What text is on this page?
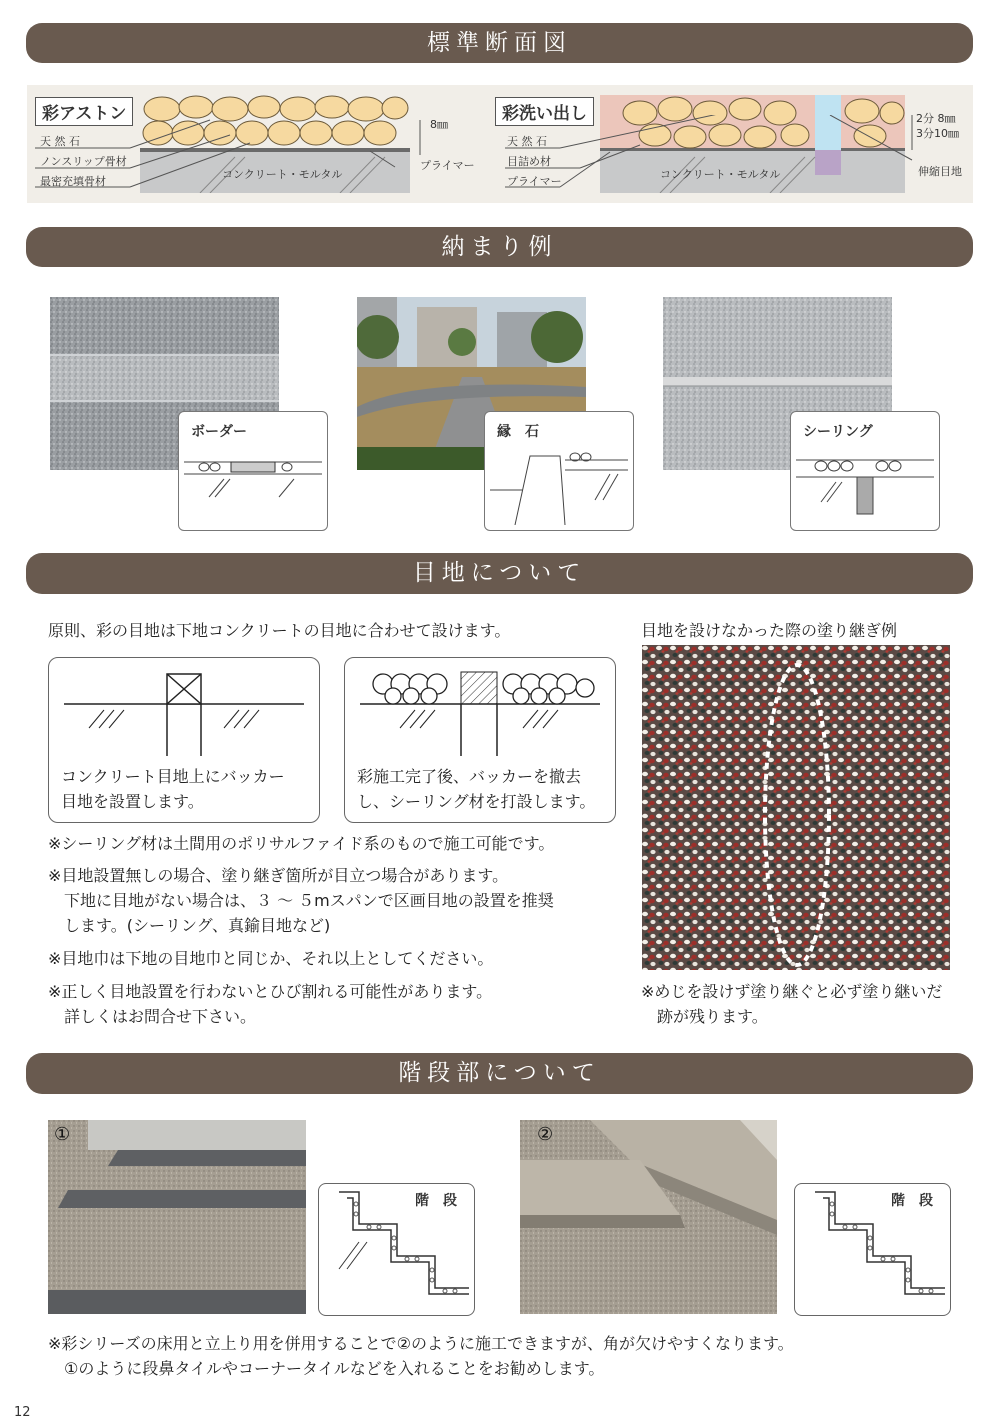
標準断面図
納まり例
目地について
階段部について
彩アストン
天 然 石
ノンスリップ骨材
最密充填骨材
8㎜
コンクリート・モルタル
プライマー
彩洗い出し
天 然 石
目詰め材
プライマー
2分 8㎜
3分10㎜
コンクリート・モルタル	伸縮目地
ボーダー	縁　石	シーリング
原則、彩の目地は下地コンクリートの目地に合わせて設けます。	目地を設けなかった際の塗り継ぎ例
コンクリート目地上にバッカー
目地を設置します。
彩施工完了後、バッカーを撤去
し、シーリング材を打設します。
※シーリング材は土間用のポリサルファイド系のもので施工可能です。
※目地設置無しの場合、塗り継ぎ箇所が目立つ場合があります。
　下地に目地がない場合は、３ ～ ５mスパンで区画目地の設置を推奨
　します。(シーリング、真鍮目地など)
※目地巾は下地の目地巾と同じか、それ以上としてください。
※正しく目地設置を行わないとひび割れる可能性があります。
　詳しくはお問合せ下さい。
※めじを設けず塗り継ぐと必ず塗り継いだ
　跡が残ります。
①
階　段
②
階　段
※彩シリーズの床用と立上り用を併用することで②のように施工できますが、角が欠けやすくなります。
　①のように段鼻タイルやコーナータイルなどを入れることをお勧めします。
12
